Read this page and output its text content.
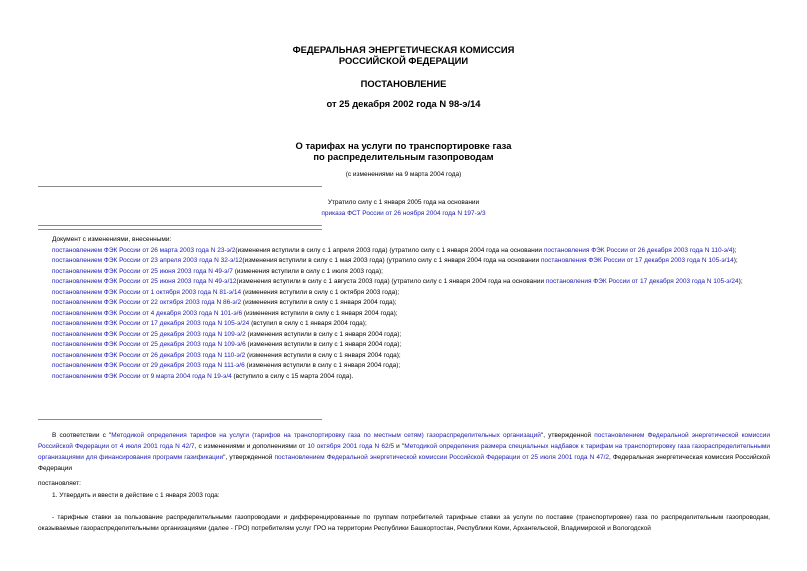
ФЕДЕРАЛЬНАЯ ЭНЕРГЕТИЧЕСКАЯ КОМИССИЯ
РОССИЙСКОЙ ФЕДЕРАЦИИ
ПОСТАНОВЛЕНИЕ
от 25 декабря 2002 года N 98-э/14
О тарифах на услуги по транспортировке газа
по распределительным газопроводам
(с изменениями на 9 марта 2004 года)
Утратило силу с 1 января 2005 года на основании
приказа ФСТ России от 26 ноября 2004 года N 197-э/3
Документ с изменениями, внесенными:
постановлением ФЭК России от 26 марта 2003 года N 23-э/2(изменения вступили в силу с 1 апреля 2003 года) (утратило силу с 1 января 2004 года на основании постановления ФЭК России от 26 декабря 2003 года N 110-э/4);
постановлением ФЭК России от 23 апреля 2003 года N 32-э/12(изменения вступили в силу с 1 мая 2003 года) (утратило силу с 1 января 2004 года на основании постановления ФЭК России от 17 декабря 2003 года N 105-э/14);
постановлением ФЭК России от 25 июня 2003 года N 49-э/7 (изменения вступили в силу с 1 июля 2003 года);
постановлением ФЭК России от 25 июня 2003 года N 49-э/12(изменения вступили в силу с 1 августа 2003 года) (утратило силу с 1 января 2004 года на основании постановления ФЭК России от 17 декабря 2003 года N 105-э/24);
постановлением ФЭК России от 1 октября 2003 года N 81-э/14 (изменения вступили в силу с 1 октября 2003 года);
постановлением ФЭК России от 22 октября 2003 года N 86-э/2 (изменения вступили в силу с 1 января 2004 года);
постановлением ФЭК России от 4 декабря 2003 года N 101-э/6 (изменения вступили в силу с 1 января 2004 года);
постановлением ФЭК России от 17 декабря 2003 года N 105-э/24 (вступил в силу с 1 января 2004 года);
постановлением ФЭК России от 25 декабря 2003 года N 109-э/2 (изменения вступили в силу с 1 января 2004 года);
постановлением ФЭК России от 25 декабря 2003 года N 109-э/6 (изменения вступили в силу с 1 января 2004 года);
постановлением ФЭК России от 26 декабря 2003 года N 110-э/2 (изменения вступили в силу с 1 января 2004 года);
постановлением ФЭК России от 29 декабря 2003 года N 111-э/6 (изменения вступили в силу с 1 января 2004 года);
постановлением ФЭК России от 9 марта 2004 года N 19-э/4 (вступило в силу с 15 марта 2004 года).
В соответствии с "Методикой определения тарифов на услуги (тарифов на транспортировку газа по местным сетям) газораспределительных организаций", утвержденной постановлением Федеральной энергетической комиссии Российской Федерации от 4 июля 2001 года N 42/7, с изменениями и дополнениями от 10 октября 2001 года N 62/5 и "Методикой определения размера специальных надбавок к тарифам на транспортировку газа газораспределительными организациями для финансирования программ газификации", утвержденной постановлением Федеральной энергетической комиссии Российской Федерации от 25 июля 2001 года N 47/2, Федеральная энергетическая комиссия Российской Федерации
постановляет:
1. Утвердить и ввести в действие с 1 января 2003 года:
- тарифные ставки за пользование распределительными газопроводами и дифференцированные по группам потребителей тарифные ставки за услуги по поставке (транспортировке) газа по распределительным газопроводам, оказываемые газораспределительными организациями (далее - ГРО) потребителям услуг ГРО на территории Республики Башкортостан, Республики Коми, Архангельской, Владимирской и Вологодской
